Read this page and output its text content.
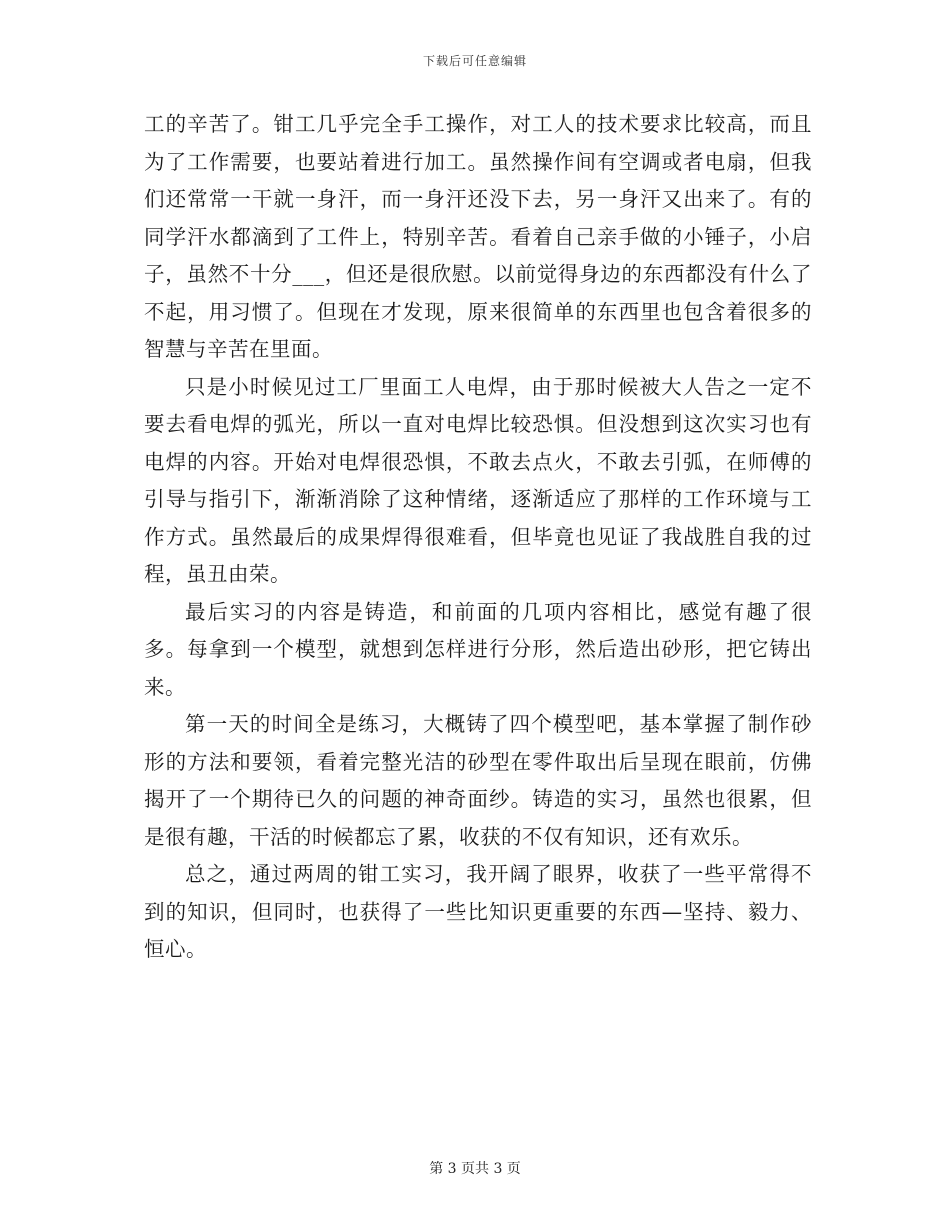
下载后可任意编辑

工的辛苦了。钳工几乎完全手工操作，对工人的技术要求比较高，而且为了工作需要，也要站着进行加工。虽然操作间有空调或者电扇，但我们还常常一干就一身汗，而一身汗还没下去，另一身汗又出来了。有的同学汗水都滴到了工件上，特别辛苦。看着自己亲手做的小锤子，小启子，虽然不十分___，但还是很欣慰。以前觉得身边的东西都没有什么了不起，用习惯了。但现在才发现，原来很简单的东西里也包含着很多的智慧与辛苦在里面。

只是小时候见过工厂里面工人电焊，由于那时候被大人告之一定不要去看电焊的弧光，所以一直对电焊比较恐惧。但没想到这次实习也有电焊的内容。开始对电焊很恐惧，不敢去点火，不敢去引弧，在师傅的引导与指引下，渐渐消除了这种情绪，逐渐适应了那样的工作环境与工作方式。虽然最后的成果焊得很难看，但毕竟也见证了我战胜自我的过程，虽丑由荣。

最后实习的内容是铸造，和前面的几项内容相比，感觉有趣了很多。每拿到一个模型，就想到怎样进行分形，然后造出砂形，把它铸出来。

第一天的时间全是练习，大概铸了四个模型吧，基本掌握了制作砂形的方法和要领，看着完整光洁的砂型在零件取出后呈现在眼前，仿佛揭开了一个期待已久的问题的神奇面纱。铸造的实习，虽然也很累，但是很有趣，干活的时候都忘了累，收获的不仅有知识，还有欢乐。

总之，通过两周的钳工实习，我开阔了眼界，收获了一些平常得不到的知识，但同时，也获得了一些比知识更重要的东西—坚持、毅力、恒心。

第 3 页共 3 页
